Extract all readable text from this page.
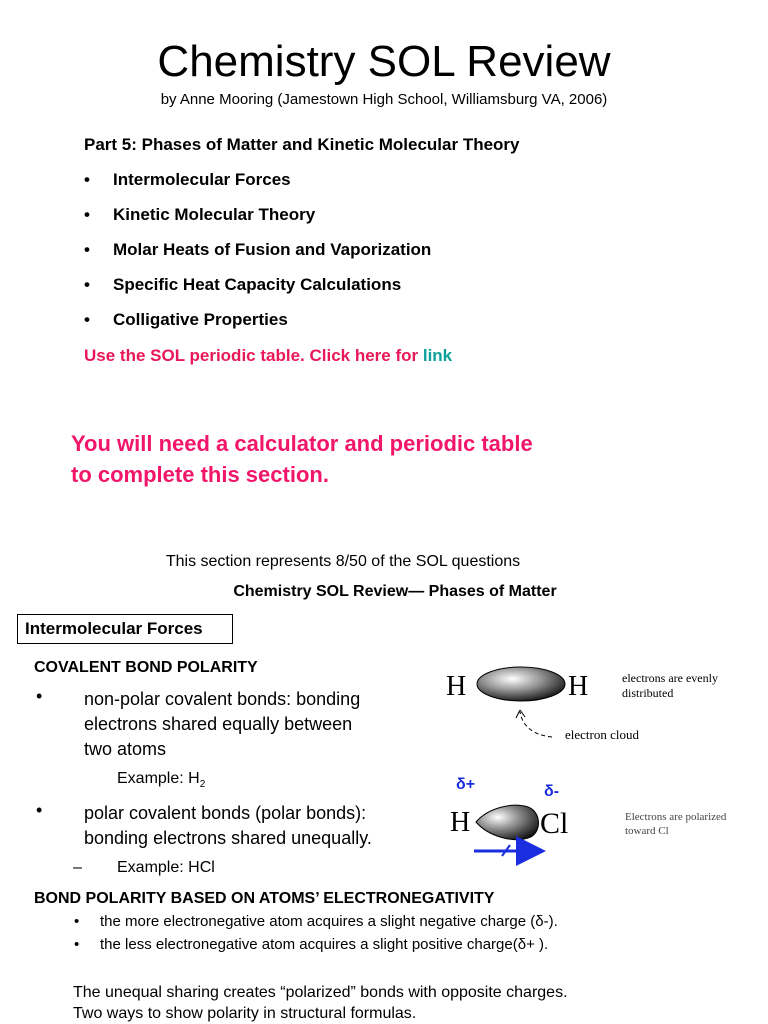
Chemistry SOL Review
by Anne Mooring (Jamestown High School, Williamsburg VA, 2006)
Part 5: Phases of Matter and Kinetic Molecular Theory
• Intermolecular Forces
• Kinetic Molecular Theory
• Molar Heats of Fusion and Vaporization
• Specific Heat Capacity Calculations
• Colligative Properties
Use the SOL periodic table. Click here for link
You will need a calculator and periodic table
to complete this section.
This section represents 8/50 of the SOL questions
Chemistry SOL Review— Phases of Matter
Intermolecular Forces
COVALENT BOND POLARITY
• non-polar covalent bonds: bonding
electrons shared equally between
two atoms
Example: $H_2$
• polar covalent bonds (polar bonds):
bonding electrons shared unequally.
– Example: HCl
H	H	electrons are evenly
distributed
electron cloud
δ+	δ-
H Cl	Electrons are polarized
toward Cl
BOND POLARITY BASED ON ATOMS’ ELECTRONEGATIVITY
• the more electronegative atom acquires a slight negative charge (δ-).
• the less electronegative atom acquires a slight positive charge(δ+ ).
The unequal sharing creates “polarized” bonds with opposite charges.
Two ways to show polarity in structural formulas.
